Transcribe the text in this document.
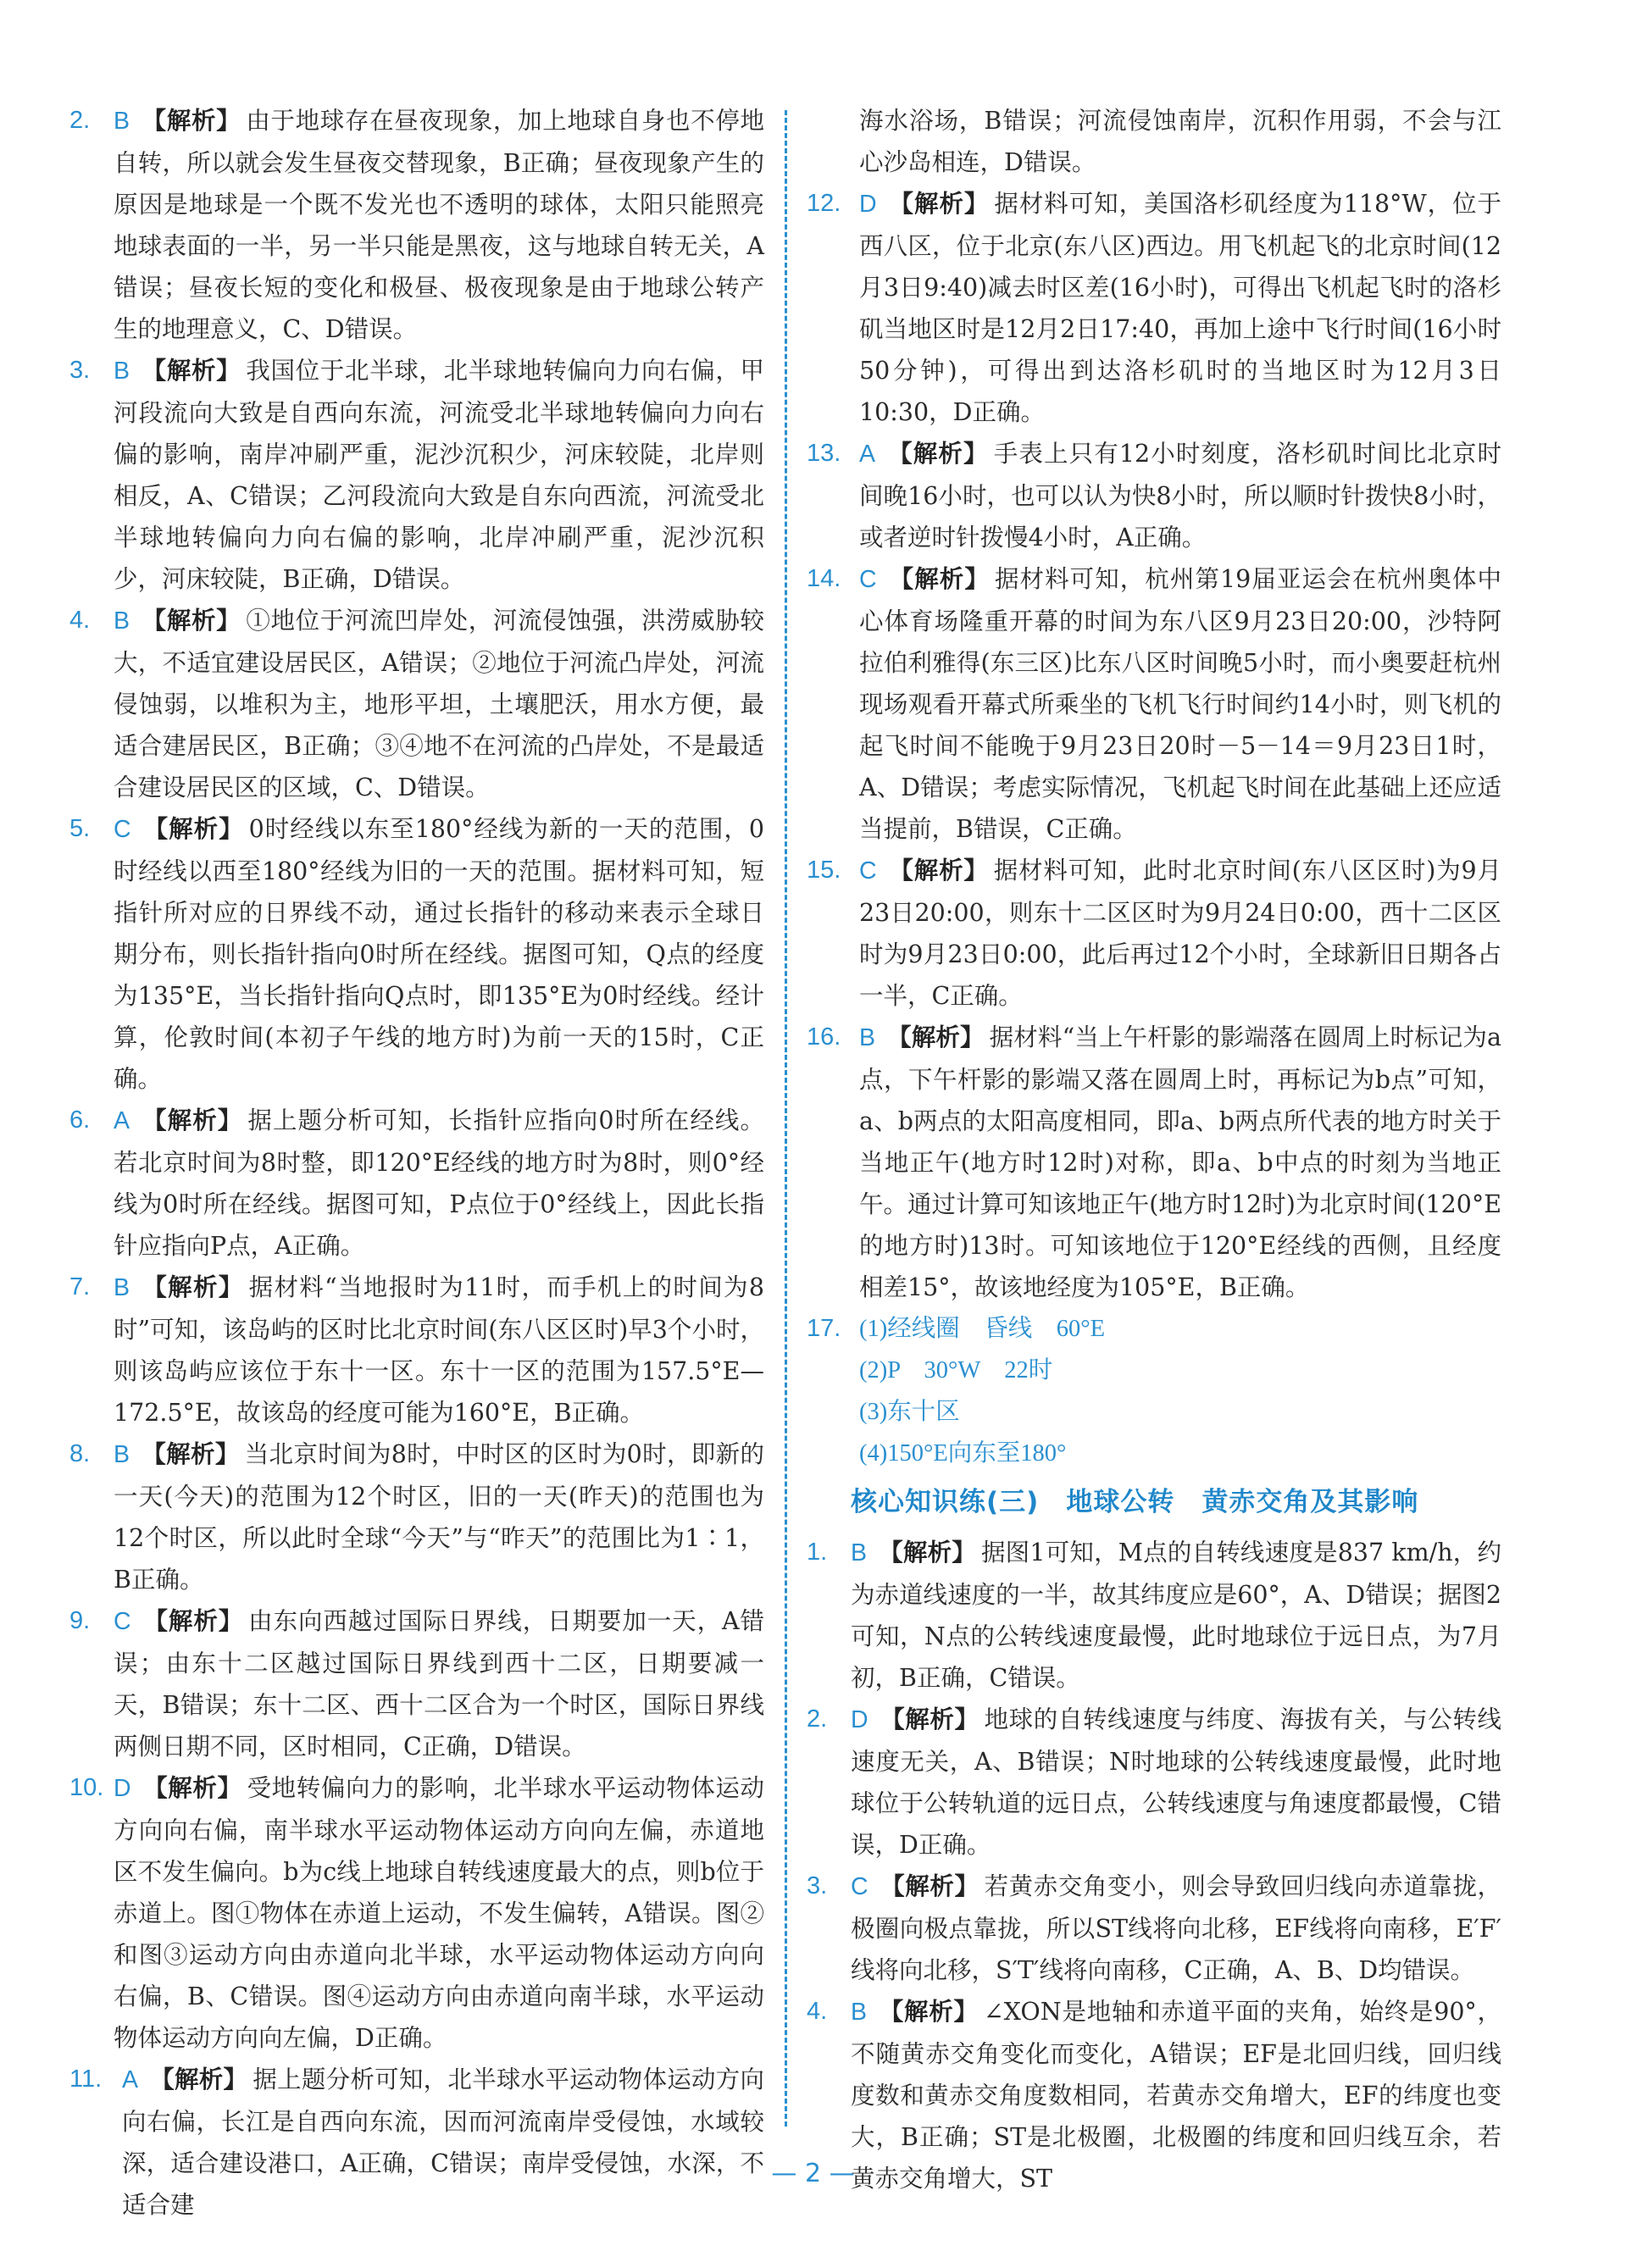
2. B 【解析】 由于地球存在昼夜现象，加上地球自身也不停地自转，所以就会发生昼夜交替现象，B正确；昼夜现象产生的原因是地球是一个既不发光也不透明的球体，太阳只能照亮地球表面的一半，另一半只能是黑夜，这与地球自转无关，A错误；昼夜长短的变化和极昼、极夜现象是由于地球公转产生的地理意义，C、D错误。

3. B 【解析】 我国位于北半球，北半球地转偏向力向右偏，甲河段流向大致是自西向东流，河流受北半球地转偏向力向右偏的影响，南岸冲刷严重，泥沙沉积少，河床较陡，北岸则相反，A、C错误；乙河段流向大致是自东向西流，河流受北半球地转偏向力向右偏的影响，北岸冲刷严重，泥沙沉积少，河床较陡，B正确，D错误。

4. B 【解析】 ①地位于河流凹岸处，河流侵蚀强，洪涝威胁较大，不适宜建设居民区，A错误；②地位于河流凸岸处，河流侵蚀弱，以堆积为主，地形平坦，土壤肥沃，用水方便，最适合建居民区，B正确；③④地不在河流的凸岸处，不是最适合建设居民区的区域，C、D错误。

5. C 【解析】 0时经线以东至180°经线为新的一天的范围，0时经线以西至180°经线为旧的一天的范围。据材料可知，短指针所对应的日界线不动，通过长指针的移动来表示全球日期分布，则长指针指向0时所在经线。据图可知，Q点的经度为135°E，当长指针指向Q点时，即135°E为0时经线。经计算，伦敦时间(本初子午线的地方时)为前一天的15时，C正确。

6. A 【解析】 据上题分析可知，长指针应指向0时所在经线。若北京时间为8时整，即120°E经线的地方时为8时，则0°经线为0时所在经线。据图可知，P点位于0°经线上，因此长指针应指向P点，A正确。

7. B 【解析】 据材料“当地报时为11时，而手机上的时间为8时”可知，该岛屿的区时比北京时间(东八区区时)早3个小时，则该岛屿应该位于东十一区。东十一区的范围为157.5°E—172.5°E，故该岛的经度可能为160°E，B正确。

8. B 【解析】 当北京时间为8时，中时区的区时为0时，即新的一天(今天)的范围为12个时区，旧的一天(昨天)的范围也为12个时区，所以此时全球“今天”与“昨天”的范围比为1∶1，B正确。

9. C 【解析】 由东向西越过国际日界线，日期要加一天，A错误；由东十二区越过国际日界线到西十二区，日期要减一天，B错误；东十二区、西十二区合为一个时区，国际日界线两侧日期不同，区时相同，C正确，D错误。

10. D 【解析】 受地转偏向力的影响，北半球水平运动物体运动方向向右偏，南半球水平运动物体运动方向向左偏，赤道地区不发生偏向。b为c线上地球自转线速度最大的点，则b位于赤道上。图①物体在赤道上运动，不发生偏转，A错误。图②和图③运动方向由赤道向北半球，水平运动物体运动方向向右偏，B、C错误。图④运动方向由赤道向南半球，水平运动物体运动方向向左偏，D正确。

11. A 【解析】 据上题分析可知，北半球水平运动物体运动方向向右偏，长江是自西向东流，因而河流南岸受侵蚀，水域较深，适合建设港口，A正确，C错误；南岸受侵蚀，水深，不适合建

海水浴场，B错误；河流侵蚀南岸，沉积作用弱，不会与江心沙岛相连，D错误。

12. D 【解析】 据材料可知，美国洛杉矶经度为118°W，位于西八区，位于北京(东八区)西边。用飞机起飞的北京时间(12月3日9:40)减去时区差(16小时)，可得出飞机起飞时的洛杉矶当地区时是12月2日17:40，再加上途中飞行时间(16小时50分钟)，可得出到达洛杉矶时的当地区时为12月3日10:30，D正确。

13. A 【解析】 手表上只有12小时刻度，洛杉矶时间比北京时间晚16小时，也可以认为快8小时，所以顺时针拨快8小时，或者逆时针拨慢4小时，A正确。

14. C 【解析】 据材料可知，杭州第19届亚运会在杭州奥体中心体育场隆重开幕的时间为东八区9月23日20:00，沙特阿拉伯利雅得(东三区)比东八区时间晚5小时，而小奥要赶杭州现场观看开幕式所乘坐的飞机飞行时间约14小时，则飞机的起飞时间不能晚于9月23日20时－5－14＝9月23日1时，A、D错误；考虑实际情况，飞机起飞时间在此基础上还应适当提前，B错误，C正确。

15. C 【解析】 据材料可知，此时北京时间(东八区区时)为9月23日20:00，则东十二区区时为9月24日0:00，西十二区区时为9月23日0:00，此后再过12个小时，全球新旧日期各占一半，C正确。

16. B 【解析】 据材料“当上午杆影的影端落在圆周上时标记为a点，下午杆影的影端又落在圆周上时，再标记为b点”可知，a、b两点的太阳高度相同，即a、b两点所代表的地方时关于当地正午(地方时12时)对称，即a、b中点的时刻为当地正午。通过计算可知该地正午(地方时12时)为北京时间(120°E的地方时)13时。可知该地位于120°E经线的西侧，且经度相差15°，故该地经度为105°E，B正确。

17. (1)经线圈　昏线　60°E
(2)P　30°W　22时
(3)东十区
(4)150°E向东至180°
核心知识练(三)　地球公转　黄赤交角及其影响

1. B 【解析】 据图1可知，M点的自转线速度是837 km/h，约为赤道线速度的一半，故其纬度应是60°，A、D错误；据图2可知，N点的公转线速度最慢，此时地球位于远日点，为7月初，B正确，C错误。

2. D 【解析】 地球的自转线速度与纬度、海拔有关，与公转线速度无关，A、B错误；N时地球的公转线速度最慢，此时地球位于公转轨道的远日点，公转线速度与角速度都最慢，C错误，D正确。

3. C 【解析】 若黄赤交角变小，则会导致回归线向赤道靠拢，极圈向极点靠拢，所以ST线将向北移，EF线将向南移，E′F′线将向北移，S′T′线将向南移，C正确，A、B、D均错误。

4. B 【解析】 ∠XON是地轴和赤道平面的夹角，始终是90°，不随黄赤交角变化而变化，A错误；EF是北回归线，回归线度数和黄赤交角度数相同，若黄赤交角增大，EF的纬度也变大，B正确；ST是北极圈，北极圈的纬度和回归线互余，若黄赤交角增大，ST

— 2 —
